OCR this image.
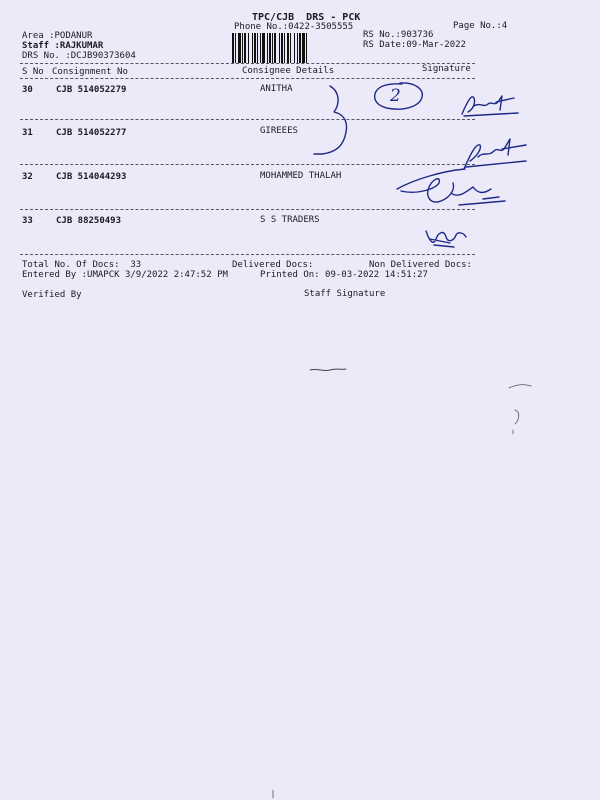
TPC/CJB  DRS - PCK
Phone No.:0422-3505555	Page No.:4
Area :PODANUR
Staff :RAJKUMAR
DRS No. :DCJB90373604
RS No.:903736
RS Date:09-Mar-2022
S No Consignment No	Consignee Details	Signature
30	CJB 514052279	ANITHA
31	CJB 514052277	GIREEES
32	CJB 514044293	MOHAMMED THALAH
33	CJB 88250493	S S TRADERS
2
Total No. Of Docs:  33	Delivered Docs:	Non Delivered Docs:
Entered By :UMAPCK 3/9/2022 2:47:52 PM	Printed On: 09-03-2022 14:51:27
Verified By	Staff Signature
